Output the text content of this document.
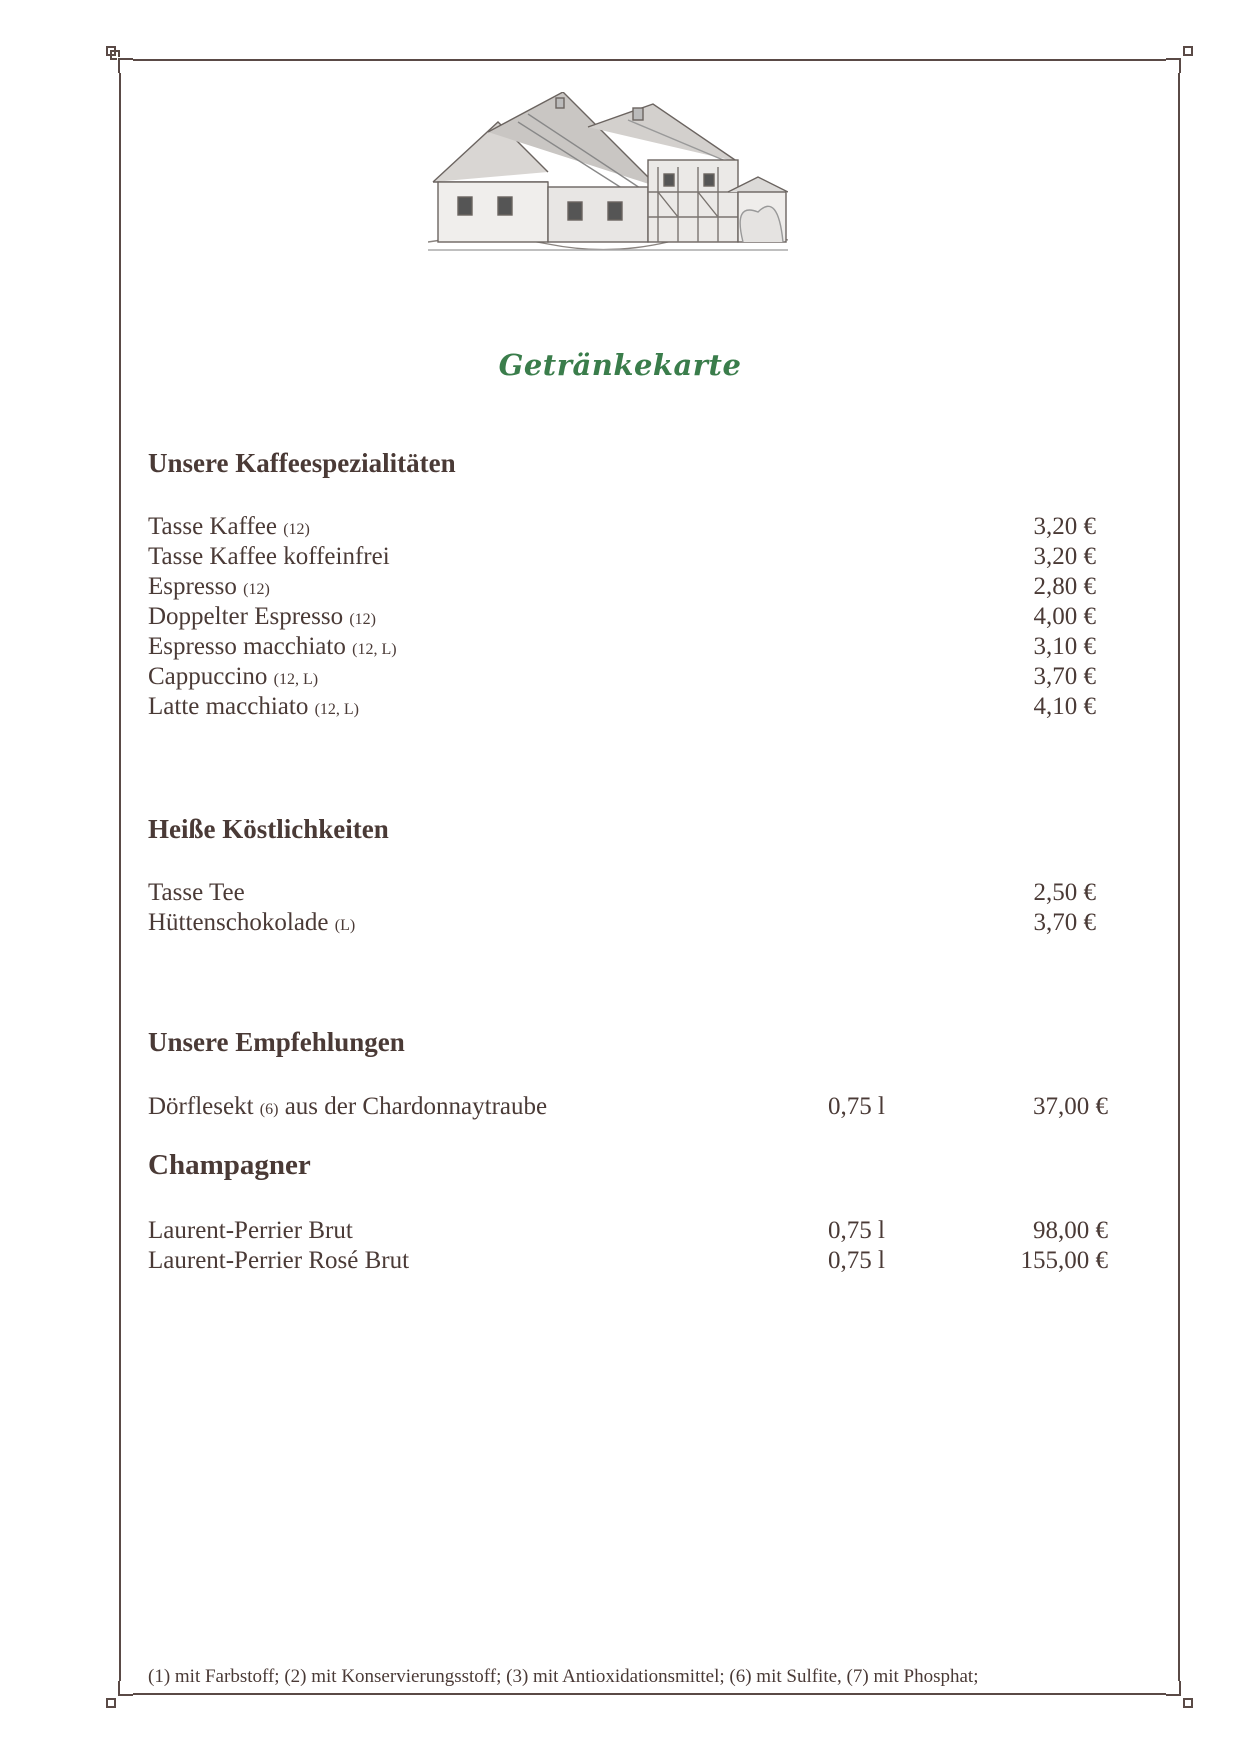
Getränkekarte
Unsere Kaffeespezialitäten
Tasse Kaffee (12)	3,20 €
Tasse Kaffee koffeinfrei	3,20 €
Espresso (12)	2,80 €
Doppelter Espresso (12)	4,00 €
Espresso macchiato (12, L)	3,10 €
Cappuccino (12, L)	3,70 €
Latte macchiato (12, L)	4,10 €
Heiße Köstlichkeiten
Tasse Tee	2,50 €
Hüttenschokolade (L)	3,70 €
Unsere Empfehlungen
Dörflesekt (6) aus der Chardonnaytraube	0,75 l	37,00 €
Champagner
Laurent-Perrier Brut	0,75 l	98,00 €
Laurent-Perrier Rosé Brut	0,75 l	155,00 €
(1) mit Farbstoff; (2) mit Konservierungsstoff; (3) mit Antioxidationsmittel; (6) mit Sulfite, (7) mit Phosphat;
